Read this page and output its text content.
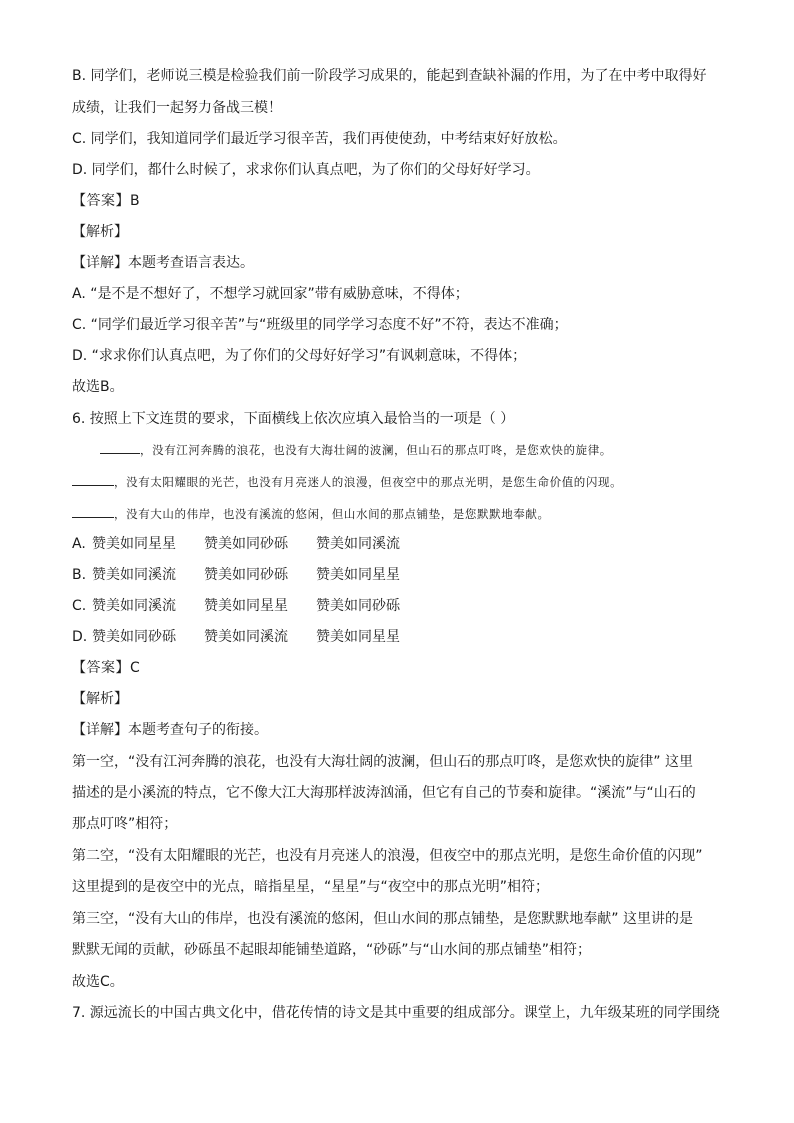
B. 同学们，老师说三模是检验我们前一阶段学习成果的，能起到查缺补漏的作用，为了在中考中取得好
成绩，让我们一起努力备战三模！
C. 同学们，我知道同学们最近学习很辛苦，我们再使使劲，中考结束好好放松。
D. 同学们，都什么时候了，求求你们认真点吧，为了你们的父母好好学习。
【答案】B
【解析】
【详解】本题考查语言表达。
A. “是不是不想好了，不想学习就回家”带有威胁意味，不得体；
C. “同学们最近学习很辛苦”与“班级里的同学学习态度不好”不符，表达不准确；
D. “求求你们认真点吧，为了你们的父母好好学习”有讽刺意味，不得体；
故选B。
6. 按照上下文连贯的要求，下面横线上依次应填入最恰当的一项是（ ）
，没有江河奔腾的浪花，也没有大海壮阔的波澜，但山石的那点叮咚，是您欢快的旋律。
，没有太阳耀眼的光芒，也没有月亮迷人的浪漫，但夜空中的那点光明，是您生命价值的闪现。
，没有大山的伟岸，也没有溪流的悠闲，但山水间的那点铺垫，是您默默地奉献。
A. 赞美如同星星 赞美如同砂砾 赞美如同溪流
B. 赞美如同溪流 赞美如同砂砾 赞美如同星星
C. 赞美如同溪流 赞美如同星星 赞美如同砂砾
D. 赞美如同砂砾 赞美如同溪流 赞美如同星星
【答案】C
【解析】
【详解】本题考查句子的衔接。
第一空，“没有江河奔腾的浪花，也没有大海壮阔的波澜，但山石的那点叮咚，是您欢快的旋律” 这里
描述的是小溪流的特点，它不像大江大海那样波涛汹涌，但它有自己的节奏和旋律。“溪流”与“山石的
那点叮咚”相符；
第二空，“没有太阳耀眼的光芒，也没有月亮迷人的浪漫，但夜空中的那点光明，是您生命价值的闪现”
这里提到的是夜空中的光点，暗指星星，“星星”与“夜空中的那点光明”相符；
第三空，“没有大山的伟岸，也没有溪流的悠闲，但山水间的那点铺垫，是您默默地奉献” 这里讲的是
默默无闻的贡献，砂砾虽不起眼却能铺垫道路，“砂砾”与“山水间的那点铺垫”相符；
故选C。
7. 源远流长的中国古典文化中，借花传情的诗文是其中重要的组成部分。课堂上，九年级某班的同学围绕
